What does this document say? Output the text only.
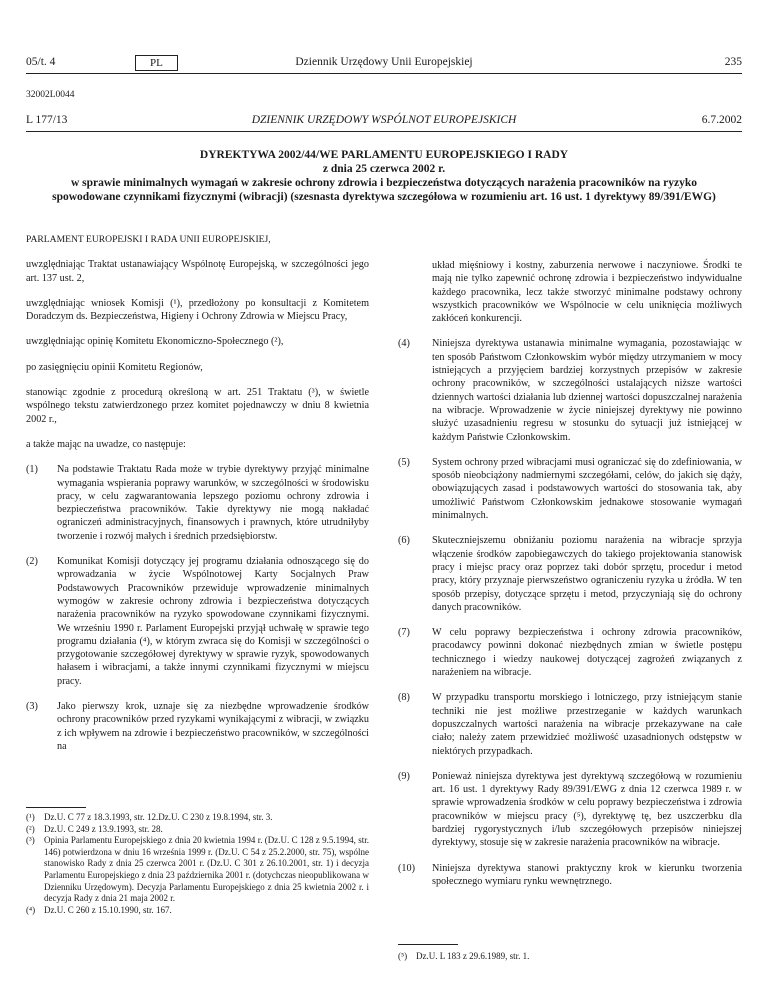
05/t. 4	PL	Dziennik Urzędowy Unii Europejskiej	235
32002L0044
L 177/13	DZIENNIK URZĘDOWY WSPÓLNOT EUROPEJSKICH	6.7.2002
DYREKTYWA 2002/44/WE PARLAMENTU EUROPEJSKIEGO I RADY
z dnia 25 czerwca 2002 r.
w sprawie minimalnych wymagań w zakresie ochrony zdrowia i bezpieczeństwa dotyczących narażenia pracowników na ryzyko spowodowane czynnikami fizycznymi (wibracji) (szesnasta dyrektywa szczegółowa w rozumieniu art. 16 ust. 1 dyrektywy 89/391/EWG)

PARLAMENT EUROPEJSKI I RADA UNII EUROPEJSKIEJ,

uwzględniając Traktat ustanawiający Wspólnotę Europejską, w szczególności jego art. 137 ust. 2,

uwzględniając wniosek Komisji (¹), przedłożony po konsultacji z Komitetem Doradczym ds. Bezpieczeństwa, Higieny i Ochrony Zdrowia w Miejscu Pracy,

uwzględniając opinię Komitetu Ekonomiczno-Społecznego (²),

po zasięgnięciu opinii Komitetu Regionów,

stanowiąc zgodnie z procedurą określoną w art. 251 Traktatu (³), w świetle wspólnego tekstu zatwierdzonego przez komitet pojednawczy w dniu 8 kwietnia 2002 r.,

a także mając na uwadze, co następuje:

(1)	Na podstawie Traktatu Rada może w trybie dyrektywy przyjąć minimalne wymagania wspierania poprawy warunków, w szczególności w środowisku pracy, w celu zagwarantowania lepszego poziomu ochrony zdrowia i bezpieczeństwa pracowników. Takie dyrektywy nie mogą nakładać ograniczeń administracyjnych, finansowych i prawnych, które utrudniłyby tworzenie i rozwój małych i średnich przedsiębiorstw.
(2)	Komunikat Komisji dotyczący jej programu działania odnoszącego się do wprowadzania w życie Wspólnotowej Karty Socjalnych Praw Podstawowych Pracowników przewiduje wprowadzenie minimalnych wymogów w zakresie ochrony zdrowia i bezpieczeństwa dotyczących narażenia pracowników na ryzyko spowodowane czynnikami fizycznymi. We wrześniu 1990 r. Parlament Europejski przyjął uchwałę w sprawie tego programu działania (⁴), w którym zwraca się do Komisji w szczególności o przygotowanie szczegółowej dyrektywy w sprawie ryzyk, spowodowanych hałasem i wibracjami, a także innymi czynnikami fizycznymi w miejscu pracy.
(3)	Jako pierwszy krok, uznaje się za niezbędne wprowadzenie środków ochrony pracowników przed ryzykami wynikającymi z wibracji, w związku z ich wpływem na zdrowie i bezpieczeństwo pracowników, w szczególności na
(¹)	Dz.U. C 77 z 18.3.1993, str. 12.Dz.U. C 230 z 19.8.1994, str. 3.
(²)	Dz.U. C 249 z 13.9.1993, str. 28.
(³)	Opinia Parlamentu Europejskiego z dnia 20 kwietnia 1994 r. (Dz.U. C 128 z 9.5.1994, str. 146) potwierdzona w dniu 16 września 1999 r. (Dz.U. C 54 z 25.2.2000, str. 75), wspólne stanowisko Rady z dnia 25 czerwca 2001 r. (Dz.U. C 301 z 26.10.2001, str. 1) i decyzja Parlamentu Europejskiego z dnia 23 października 2001 r. (dotychczas nieopublikowana w Dzienniku Urzędowym). Decyzja Parlamentu Europejskiego z dnia 25 kwietnia 2002 r. i decyzja Rady z dnia 21 maja 2002 r.
(⁴) Dz.U. C 260 z 15.10.1990, str. 167.

układ mięśniowy i kostny, zaburzenia nerwowe i naczyniowe. Środki te mają nie tylko zapewnić ochronę zdrowia i bezpieczeństwo indywidualne każdego pracownika, lecz także stworzyć minimalne podstawy ochrony wszystkich pracowników we Wspólnocie w celu uniknięcia możliwych zakłóceń konkurencji.

(4)	Niniejsza dyrektywa ustanawia minimalne wymagania, pozostawiając w ten sposób Państwom Członkowskim wybór między utrzymaniem w mocy istniejących a przyjęciem bardziej korzystnych przepisów w zakresie ochrony pracowników, w szczególności ustalających niższe wartości dziennych wartości działania lub dziennej wartości dopuszczalnej narażenia na wibracje. Wprowadzenie w życie niniejszej dyrektywy nie powinno służyć uzasadnieniu regresu w stosunku do sytuacji już istniejącej w każdym Państwie Członkowskim.
(5)	System ochrony przed wibracjami musi ograniczać się do zdefiniowania, w sposób nieobciążony nadmiernymi szczegółami, celów, do jakich się dąży, obowiązujących zasad i podstawowych wartości do stosowania tak, aby umożliwić Państwom Członkowskim jednakowe stosowanie wymagań minimalnych.
(6)	Skuteczniejszemu obniżaniu poziomu narażenia na wibracje sprzyja włączenie środków zapobiegawczych do takiego projektowania stanowisk pracy i miejsc pracy oraz poprzez taki dobór sprzętu, procedur i metod pracy, który przyznaje pierwszeństwo ograniczeniu ryzyka u źródła. W ten sposób przepisy, dotyczące sprzętu i metod, przyczyniają się do ochrony danych pracowników.
(7)	W celu poprawy bezpieczeństwa i ochrony zdrowia pracowników, pracodawcy powinni dokonać niezbędnych zmian w świetle postępu technicznego i wiedzy naukowej dotyczącej zagrożeń związanych z narażeniem na wibracje.
(8)	W przypadku transportu morskiego i lotniczego, przy istniejącym stanie techniki nie jest możliwe przestrzeganie w każdych warunkach dopuszczalnych wartości narażenia na wibracje przekazywane na całe ciało; należy zatem przewidzieć możliwość uzasadnionych odstępstw w niektórych przypadkach.
(9)	Ponieważ niniejsza dyrektywa jest dyrektywą szczegółową w rozumieniu art. 16 ust. 1 dyrektywy Rady 89/391/EWG z dnia 12 czerwca 1989 r. w sprawie wprowadzenia środków w celu poprawy bezpieczeństwa i zdrowia pracowników w miejscu pracy (⁵), dyrektywę tę, bez uszczerbku dla bardziej rygorystycznych i/lub szczegółowych przepisów niniejszej dyrektywy, stosuje się w zakresie narażenia pracowników na wibracje.
(10)	Niniejsza dyrektywa stanowi praktyczny krok w kierunku tworzenia społecznego wymiaru rynku wewnętrznego.
(⁵) Dz.U. L 183 z 29.6.1989, str. 1.
